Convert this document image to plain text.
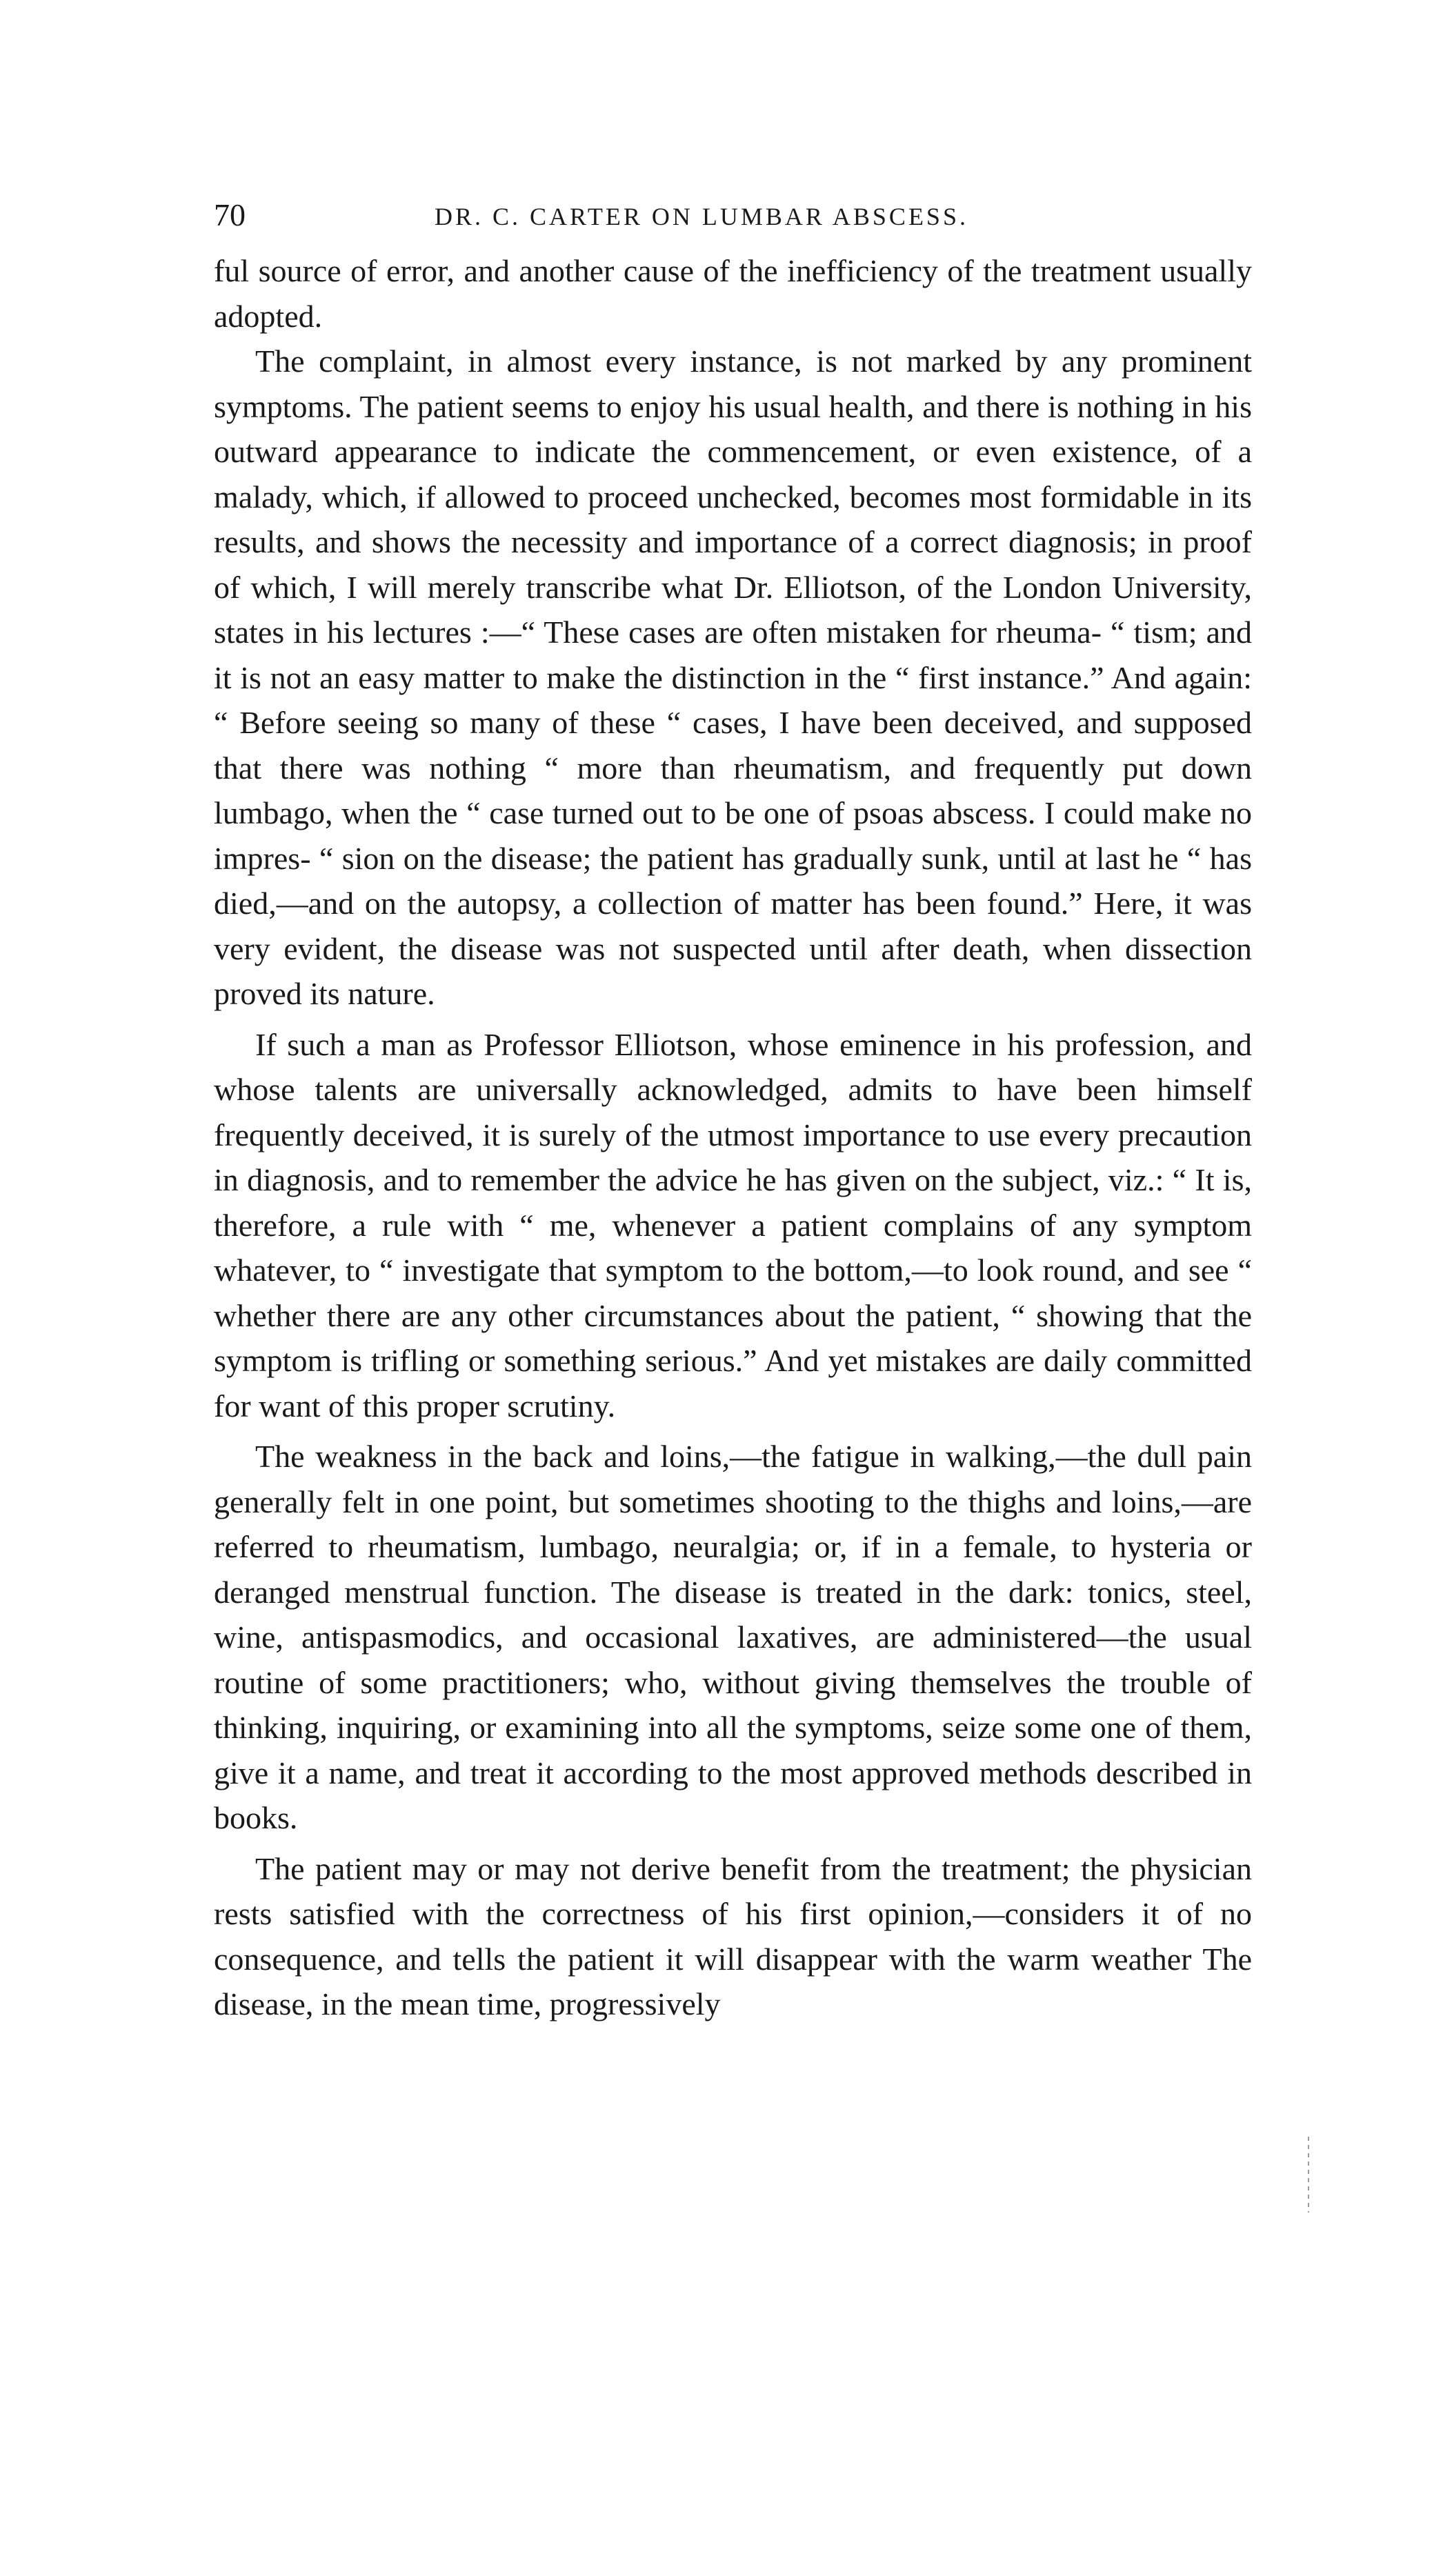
70	DR. C. CARTER ON LUMBAR ABSCESS.

ful source of error, and another cause of the inefficiency of the treatment usually adopted.

The complaint, in almost every instance, is not marked by any prominent symptoms. The patient seems to enjoy his usual health, and there is nothing in his outward appearance to indicate the commencement, or even existence, of a malady, which, if allowed to proceed unchecked, becomes most formidable in its results, and shows the necessity and importance of a correct diagnosis; in proof of which, I will merely transcribe what Dr. Elliotson, of the London University, states in his lectures :—“ These cases are often mistaken for rheuma- “ tism; and it is not an easy matter to make the distinction in the “ first instance.” And again: “ Before seeing so many of these “ cases, I have been deceived, and supposed that there was nothing “ more than rheumatism, and frequently put down lumbago, when the “ case turned out to be one of psoas abscess. I could make no impres- “ sion on the disease; the patient has gradually sunk, until at last he “ has died,—and on the autopsy, a collection of matter has been found.” Here, it was very evident, the disease was not suspected until after death, when dissection proved its nature.

If such a man as Professor Elliotson, whose eminence in his profession, and whose talents are universally acknowledged, admits to have been himself frequently deceived, it is surely of the utmost importance to use every precaution in diagnosis, and to remember the advice he has given on the subject, viz.: “ It is, therefore, a rule with “ me, whenever a patient complains of any symptom whatever, to “ investigate that symptom to the bottom,—to look round, and see “ whether there are any other circumstances about the patient, “ showing that the symptom is trifling or something serious.” And yet mistakes are daily committed for want of this proper scrutiny.

The weakness in the back and loins,—the fatigue in walking,—the dull pain generally felt in one point, but sometimes shooting to the thighs and loins,—are referred to rheumatism, lumbago, neuralgia; or, if in a female, to hysteria or deranged menstrual function. The disease is treated in the dark: tonics, steel, wine, antispasmodics, and occasional laxatives, are administered—the usual routine of some practitioners; who, without giving themselves the trouble of thinking, inquiring, or examining into all the symptoms, seize some one of them, give it a name, and treat it according to the most approved methods described in books.

The patient may or may not derive benefit from the treatment; the physician rests satisfied with the correctness of his first opinion,—considers it of no consequence, and tells the patient it will disappear with the warm weather The disease, in the mean time, progressively
